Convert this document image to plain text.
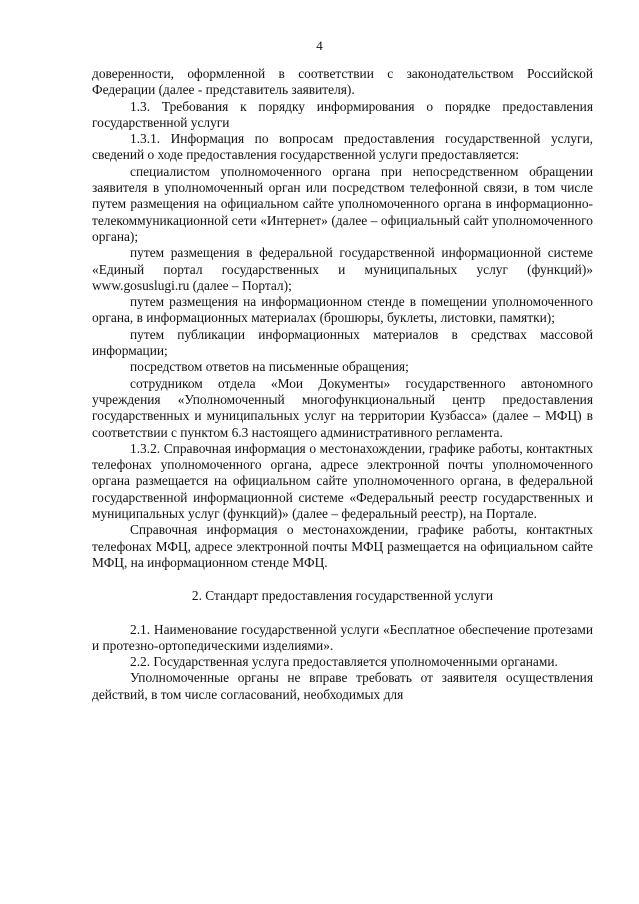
4

доверенности, оформленной в соответствии с законодательством Российской Федерации (далее - представитель заявителя).

1.3. Требования к порядку информирования о порядке предоставления государственной услуги

1.3.1. Информация по вопросам предоставления государственной услуги, сведений о ходе предоставления государственной услуги предоставляется:

специалистом уполномоченного органа при непосредственном обращении заявителя в уполномоченный орган или посредством телефонной связи, в том числе путем размещения на официальном сайте уполномоченного органа в информационно-телекоммуникационной сети «Интернет» (далее – официальный сайт уполномоченного органа);

путем размещения в федеральной государственной информационной системе «Единый портал государственных и муниципальных услуг (функций)» www.gosuslugi.ru (далее – Портал);

путем размещения на информационном стенде в помещении уполномоченного органа, в информационных материалах (брошюры, буклеты, листовки, памятки);

путем публикации информационных материалов в средствах массовой информации;

посредством ответов на письменные обращения;

сотрудником отдела «Мои Документы» государственного автономного учреждения «Уполномоченный многофункциональный центр предоставления государственных и муниципальных услуг на территории Кузбасса» (далее – МФЦ) в соответствии с пунктом 6.3 настоящего административного регламента.

1.3.2. Справочная информация о местонахождении, графике работы, контактных телефонах уполномоченного органа, адресе электронной почты уполномоченного органа размещается на официальном сайте уполномоченного органа, в федеральной государственной информационной системе «Федеральный реестр государственных и муниципальных услуг (функций)» (далее – федеральный реестр), на Портале.

Справочная информация о местонахождении, графике работы, контактных телефонах МФЦ, адресе электронной почты МФЦ размещается на официальном сайте МФЦ, на информационном стенде МФЦ.

2. Стандарт предоставления государственной услуги

2.1. Наименование государственной услуги «Бесплатное обеспечение протезами и протезно-ортопедическими изделиями».

2.2. Государственная услуга предоставляется уполномоченными органами.

Уполномоченные органы не вправе требовать от заявителя осуществления действий, в том числе согласований, необходимых для
